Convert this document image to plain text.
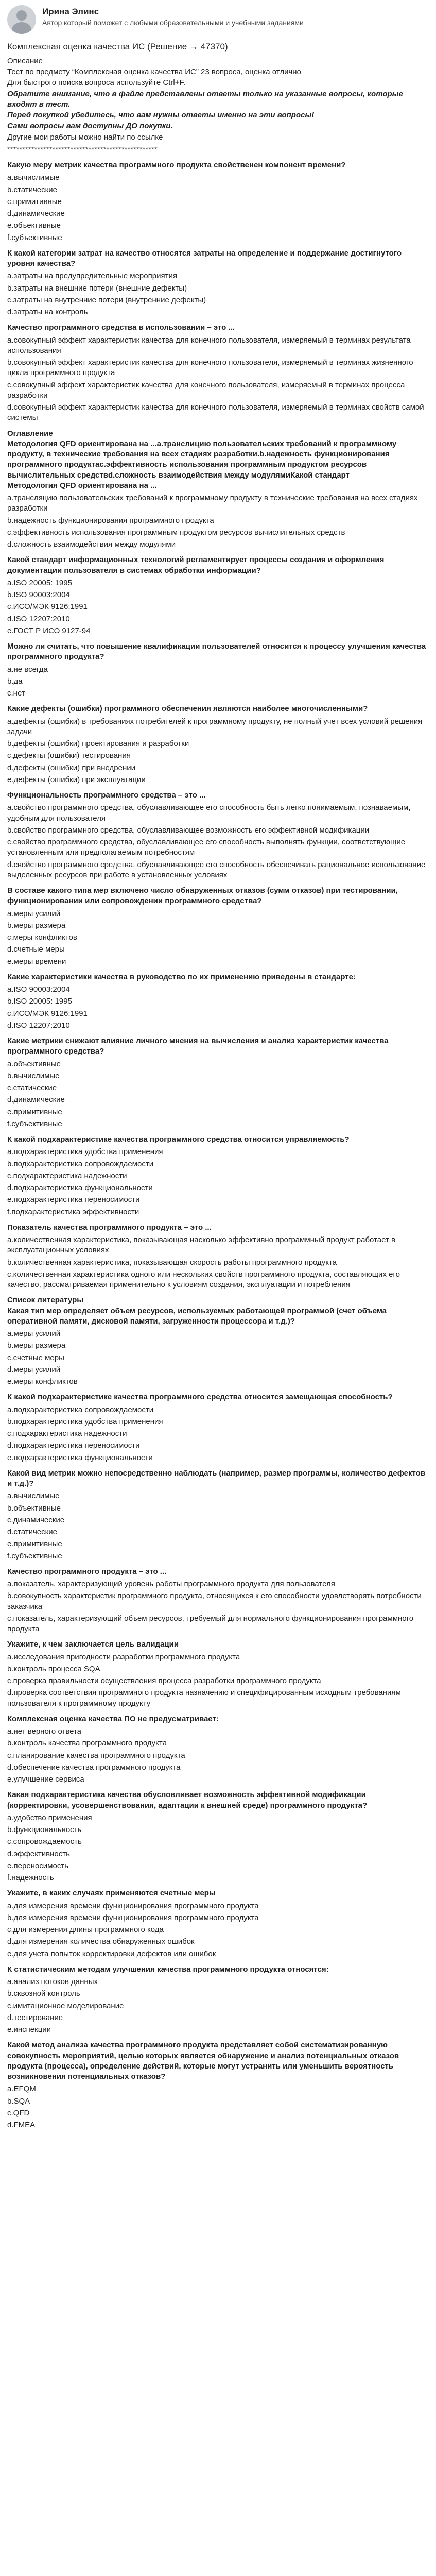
Ирина Элинс
Автор который поможет с любыми образовательными и учебными заданиями
Комплексная оценка качества ИС (Решение → 47370)
Описание
Тест по предмету “Комплексная оценка качества ИС” 23 вопроса, оценка отлично
Для быстрого поиска вопроса используйте Ctrl+F.
Обратите внимание, что в файле представлены ответы только на указанные вопросы, которые входят в тест.
Перед покупкой убедитесь, что вам нужны ответы именно на эти вопросы!
Сами вопросы вам доступны ДО покупки.
Другие мои работы можно найти по ссылке
**************************************************
Какую меру метрик качества программного продукта свойственен компонент времени?
a.вычислимые
b.статические
c.примитивные
d.динамические
e.объективные
f.субъективные
К какой категории затрат на качество относятся затраты на определение и поддержание достигнутого уровня качества?
a.затраты на предупредительные мероприятия
b.затраты на внешние потери (внешние дефекты)
c.затраты на внутренние потери (внутренние дефекты)
d.затраты на контроль
Качество программного средства в использовании – это ...
a.совокупный эффект характеристик качества для конечного пользователя, измеряемый в терминах результата использования
b.совокупный эффект характеристик качества для конечного пользователя, измеряемый в терминах жизненного цикла программного продукта
c.совокупный эффект характеристик качества для конечного пользователя, измеряемый в терминах процесса разработки
d.совокупный эффект характеристик качества для конечного пользователя, измеряемый в терминах свойств самой системы
Оглавление
Методология QFD ориентирована на ...a.транслицию пользовательских требований к программному продукту, в технические требования на всех стадиях разработки.b.надежность функционирования программного продуктаc.эффективность использования программным продуктом ресурсов вычислительных средствd.сложность взаимодействия между модулямиКакой стандарт
Методология QFD ориентирована на ...
a.трансляцию пользовательских требований к программному продукту в технические требования на всех стадиях разработки
b.надежность функционирования программного продукта
c.эффективность использования программным продуктом ресурсов вычислительных средств
d.сложность взаимодействия между модулями
Какой стандарт информационных технологий регламентирует процессы создания и оформления документации пользователя в системах обработки информации?
a.ISO 20005: 1995
b.ISO 90003:2004
c.ИСО/МЭК 9126:1991
d.ISO 12207:2010
e.ГОСТ Р ИСО 9127-94
Можно ли считать, что повышение квалификации пользователей относится к процессу улучшения качества программного продукта?
a.не всегда
b.да
c.нет
Какие дефекты (ошибки) программного обеспечения являются наиболее многочисленными?
a.дефекты (ошибки) в требованиях потребителей к программному продукту, не полный учет всех условий решения задачи
b.дефекты (ошибки) проектирования и разработки
c.дефекты (ошибки) тестирования
d.дефекты (ошибки) при внедрении
e.дефекты (ошибки) при эксплуатации
Функциональность программного средства – это ...
a.свойство программного средства, обуславливающее его способность быть легко понимаемым, познаваемым, удобным для пользователя
b.свойство программного средства, обуславливающее возможность его эффективной модификации
c.свойство программного средства, обуславливающее его способность выполнять функции, соответствующие установленным или предполагаемым потребностям
d.свойство программного средства, обуславливающее его способность обеспечивать рациональное использование выделенных ресурсов при работе в установленных условиях
В составе какого типа мер включено число обнаруженных отказов (сумм отказов) при тестировании, функционировании или сопровождении программного средства?
a.меры усилий
b.меры размера
c.меры конфликтов
d.счетные меры
e.меры времени
Какие характеристики качества в руководство по их применению приведены в стандарте:
a.ISO 90003:2004
b.ISO 20005: 1995
c.ИСО/МЭК 9126:1991
d.ISO 12207:2010
Какие метрики снижают влияние личного мнения на вычисления и анализ характеристик качества программного средства?
a.объективные
b.вычислимые
c.статические
d.динамические
e.примитивные
f.субъективные
К какой подхарактеристике качества программного средства относится управляемость?
a.подхарактеристика удобства применения
b.подхарактеристика сопровождаемости
c.подхарактеристика надежности
d.подхарактеристика функциональности
e.подхарактеристика переносимости
f.подхарактеристика эффективности
Показатель качества программного продукта – это ...
a.количественная характеристика, показывающая насколько эффективно программный продукт работает в эксплуатационных условиях
b.количественная характеристика, показывающая скорость работы программного продукта
c.количественная характеристика одного или нескольких свойств программного продукта, составляющих его качество, рассматриваемая применительно к условиям создания, эксплуатации и потребления
Список литературы
Какая тип мер определяет объем ресурсов, используемых работающей программой (счет объема оперативной памяти, дисковой памяти, загруженности процессора и т.д.)?
a.меры усилий
b.меры размера
c.счетные меры
d.меры усилий
e.меры конфликтов
К какой подхарактеристике качества программного средства относится замещающая способность?
a.подхарактеристика сопровождаемости
b.подхарактеристика удобства применения
c.подхарактеристика надежности
d.подхарактеристика переносимости
e.подхарактеристика функциональности
Какой вид метрик можно непосредственно наблюдать (например, размер программы, количество дефектов и т.д.)?
a.вычислимые
b.объективные
c.динамические
d.статические
e.примитивные
f.субъективные
Качество программного продукта – это ...
a.показатель, характеризующий уровень работы программного продукта для пользователя
b.совокупность характеристик программного продукта, относящихся к его способности удовлетворять потребности заказчика
c.показатель, характеризующий объем ресурсов, требуемый для нормального функционирования программного продукта
Укажите, к чем заключается цель валидации
a.исследования пригодности разработки программного продукта
b.контроль процесса SQA
c.проверка правильности осуществления процесса разработки программного продукта
d.проверка соответствия программного продукта назначению и специфицированным исходным требованиям пользователя к программному продукту
Комплексная оценка качества ПО не предусматривает:
a.нет верного ответа
b.контроль качества программного продукта
c.планирование качества программного продукта
d.обеспечение качества программного продукта
e.улучшение сервиса
Какая подхарактеристика качества обусловливает возможность эффективной модификации (корректировки, усовершенствования, адаптации к внешней среде) программного продукта?
a.удобство применения
b.функциональность
c.сопровождаемость
d.эффективность
e.переносимость
f.надежность
Укажите, в каких случаях применяются счетные меры
a.для измерения времени функционирования программного продукта
b.для измерения времени функционирования программного продукта
c.для измерения длины программного кода
d.для измерения количества обнаруженных ошибок
e.для учета попыток корректировки дефектов или ошибок
К статистическим методам улучшения качества программного продукта относятся:
a.анализ потоков данных
b.сквозной контроль
c.имитационное моделирование
d.тестирование
e.инспекции
Какой метод анализа качества программного продукта представляет собой систематизированную совокупность мероприятий, целью которых является обнаружение и анализ потенциальных отказов продукта (процесса), определение действий, которые могут устранить или уменьшить вероятность возникновения потенциальных отказов?
a.EFQM
b.SQA
c.QFD
d.FMEA
